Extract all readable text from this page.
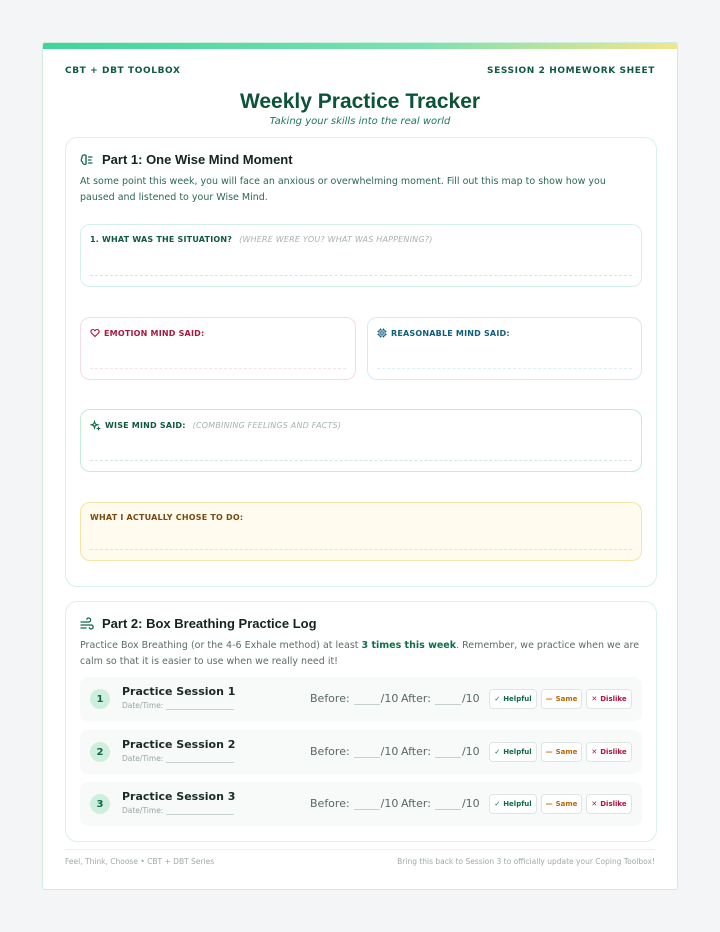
CBT + DBT TOOLBOX	SESSION 2 HOMEWORK SHEET
Weekly Practice Tracker
Taking your skills into the real world
Part 1: One Wise Mind Moment
At some point this week, you will face an anxious or overwhelming moment. Fill out this map to show how you paused and listened to your Wise Mind.
1. WHAT WAS THE SITUATION? (WHERE WERE YOU? WHAT WAS HAPPENING?)
EMOTION MIND SAID:	REASONABLE MIND SAID:
WISE MIND SAID: (COMBINING FEELINGS AND FACTS)
WHAT I ACTUALLY CHOSE TO DO:
Part 2: Box Breathing Practice Log
Practice Box Breathing (or the 4-6 Exhale method) at least 3 times this week. Remember, we practice when we are calm so that it is easier to use when we really need it!
1
Practice Session 1
Date/Time:
Before:	/10 After:	/10 ✓ Helpful — Same ✕ Dislike
2
Practice Session 2
Date/Time:
Before:	/10 After:	/10 ✓ Helpful — Same ✕ Dislike
3
Practice Session 3
Date/Time:
Before:	/10 After:	/10 ✓ Helpful — Same ✕ Dislike
Feel, Think, Choose • CBT + DBT Series	Bring this back to Session 3 to officially update your Coping Toolbox!
